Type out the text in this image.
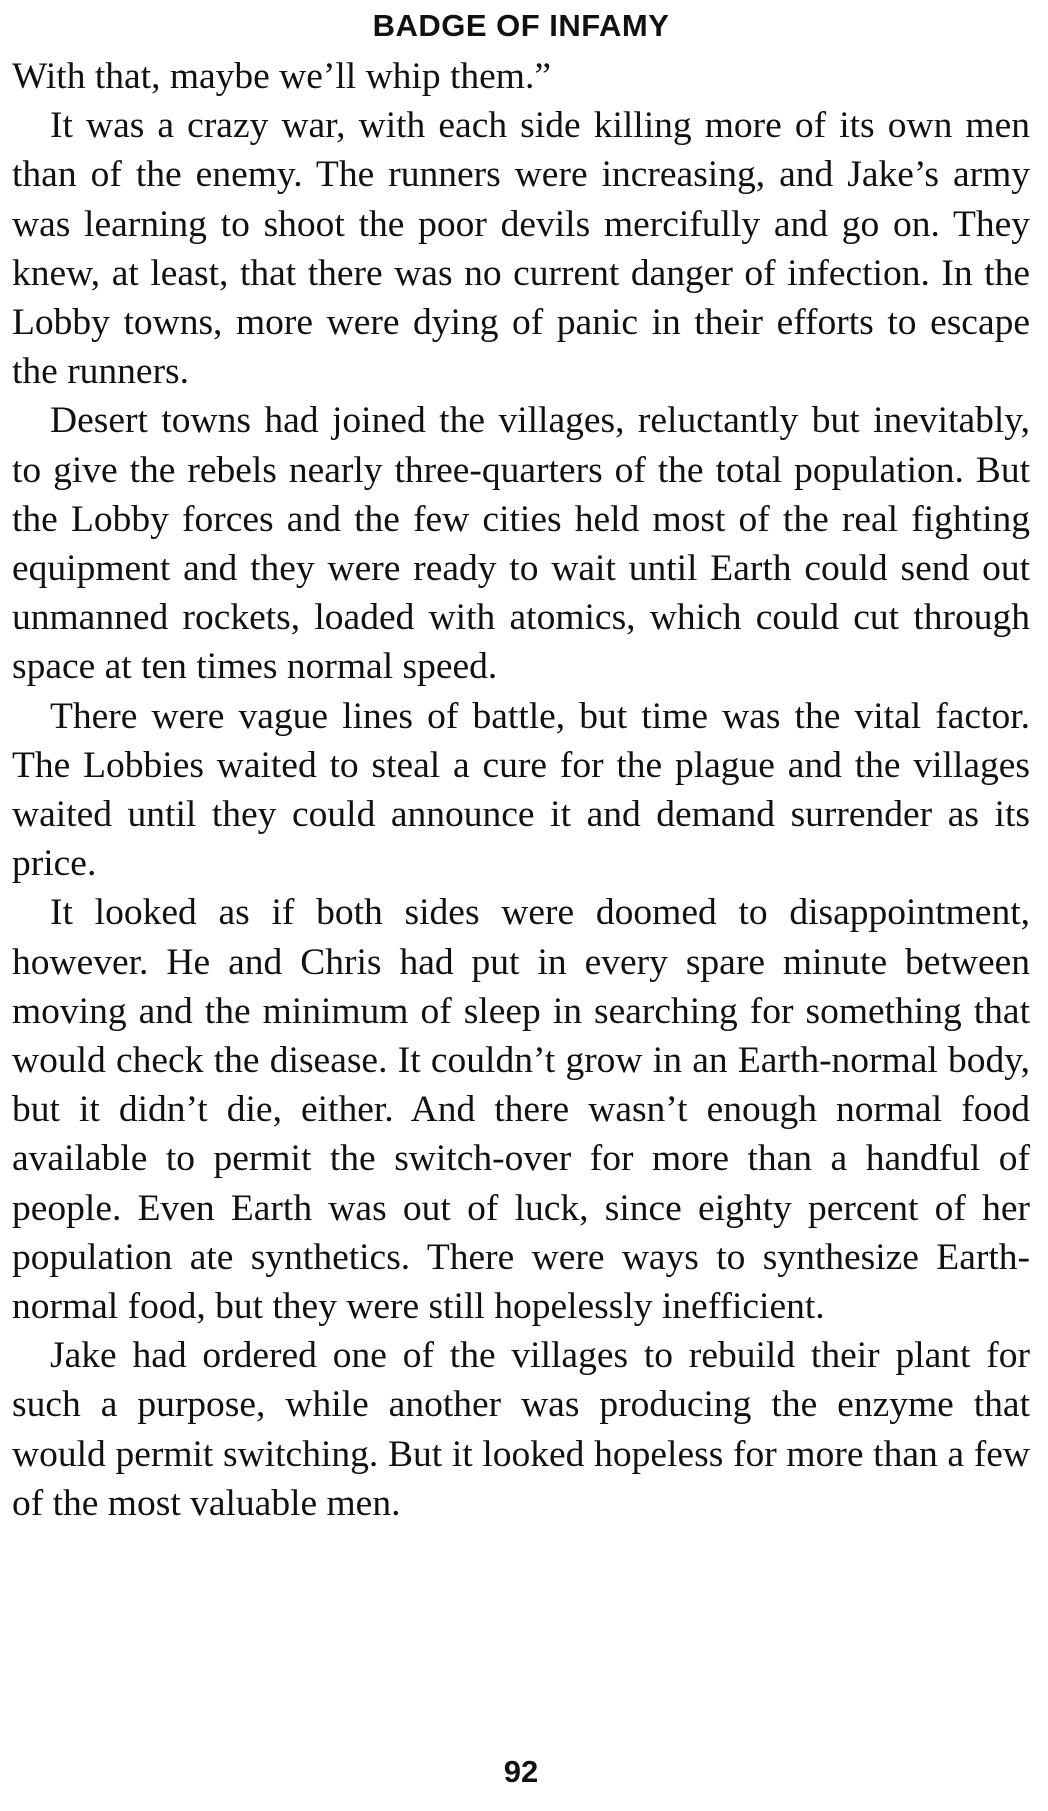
BADGE OF INFAMY

With that, maybe we’ll whip them.”

It was a crazy war, with each side killing more of its own men than of the enemy. The runners were increasing, and Jake’s army was learning to shoot the poor devils mercifully and go on. They knew, at least, that there was no current danger of infection. In the Lobby towns, more were dying of panic in their efforts to escape the runners.

Desert towns had joined the villages, reluctantly but inevitably, to give the rebels nearly three-quarters of the total population. But the Lobby forces and the few cities held most of the real fighting equipment and they were ready to wait until Earth could send out unmanned rockets, loaded with atomics, which could cut through space at ten times normal speed.

There were vague lines of battle, but time was the vital factor. The Lobbies waited to steal a cure for the plague and the villages waited until they could announce it and demand surrender as its price.

It looked as if both sides were doomed to disappointment, however. He and Chris had put in every spare minute between moving and the minimum of sleep in searching for something that would check the disease. It couldn’t grow in an Earth-normal body, but it didn’t die, either. And there wasn’t enough normal food available to permit the switch-over for more than a handful of people. Even Earth was out of luck, since eighty percent of her population ate synthetics. There were ways to synthesize Earth-normal food, but they were still hopelessly inefficient.

Jake had ordered one of the villages to rebuild their plant for such a purpose, while another was producing the enzyme that would permit switching. But it looked hopeless for more than a few of the most valuable men.

92
